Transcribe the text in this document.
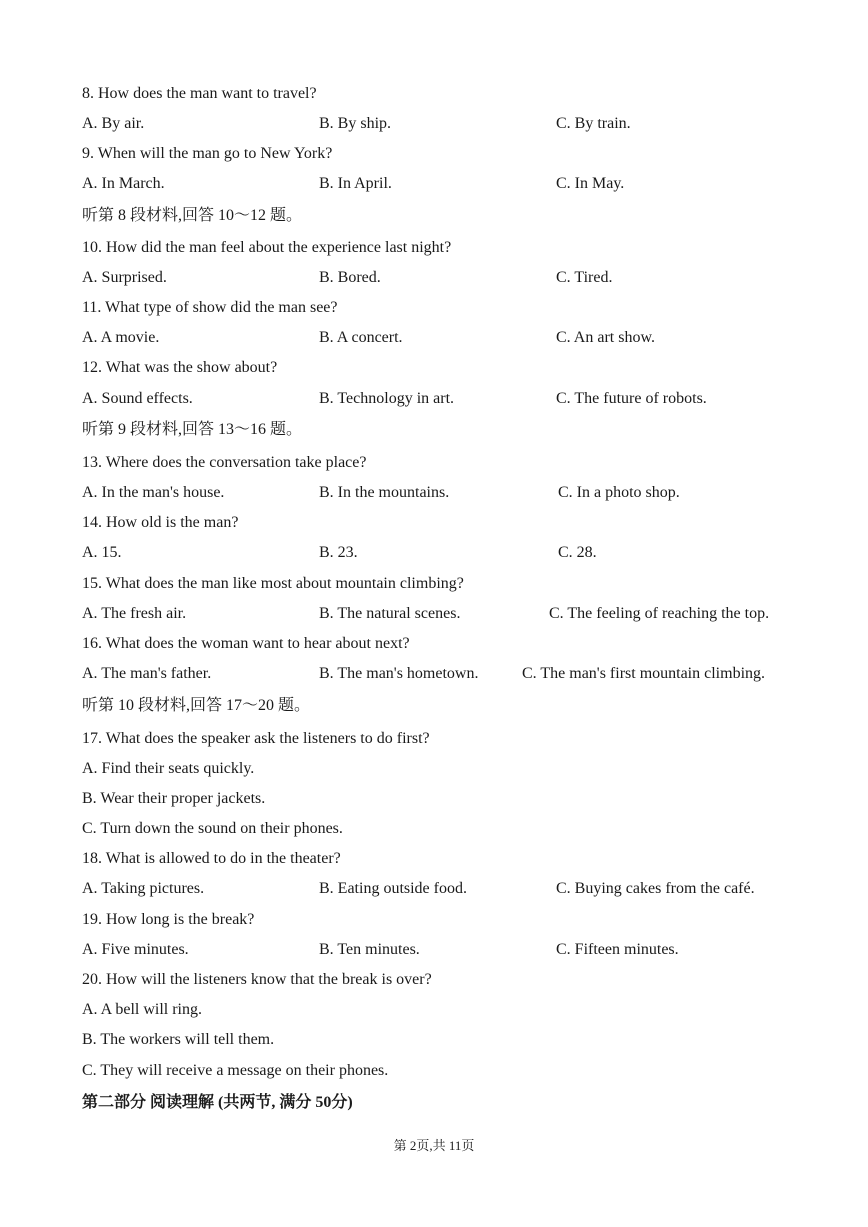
8. How does the man want to travel?
A. By air.	B. By ship.	C. By train.
9. When will the man go to New York?
A. In March.	B. In April.	C. In May.
听第 8 段材料,回答 10～12 题。
10. How did the man feel about the experience last night?
A. Surprised.	B. Bored.	C. Tired.
11. What type of show did the man see?
A. A movie.	B. A concert.	C. An art show.
12. What was the show about?
A. Sound effects.	B. Technology in art.	C. The future of robots.
听第 9 段材料,回答 13～16 题。
13. Where does the conversation take place?
A. In the man's house.	B. In the mountains.	C. In a photo shop.
14. How old is the man?
A. 15.	B. 23.	C. 28.
15. What does the man like most about mountain climbing?
A. The fresh air.	B. The natural scenes.	C. The feeling of reaching the top.
16. What does the woman want to hear about next?
A. The man's father.	B. The man's hometown.	C. The man's first mountain climbing.
听第 10 段材料,回答 17～20 题。
17. What does the speaker ask the listeners to do first?
A. Find their seats quickly.
B. Wear their proper jackets.
C. Turn down the sound on their phones.
18. What is allowed to do in the theater?
A. Taking pictures.	B. Eating outside food.	C. Buying cakes from the café.
19. How long is the break?
A. Five minutes.	B. Ten minutes.	C. Fifteen minutes.
20. How will the listeners know that the break is over?
A. A bell will ring.
B. The workers will tell them.
C. They will receive a message on their phones.
第二部分 阅读理解 (共两节, 满分 50分)
第 2页,共 11页
